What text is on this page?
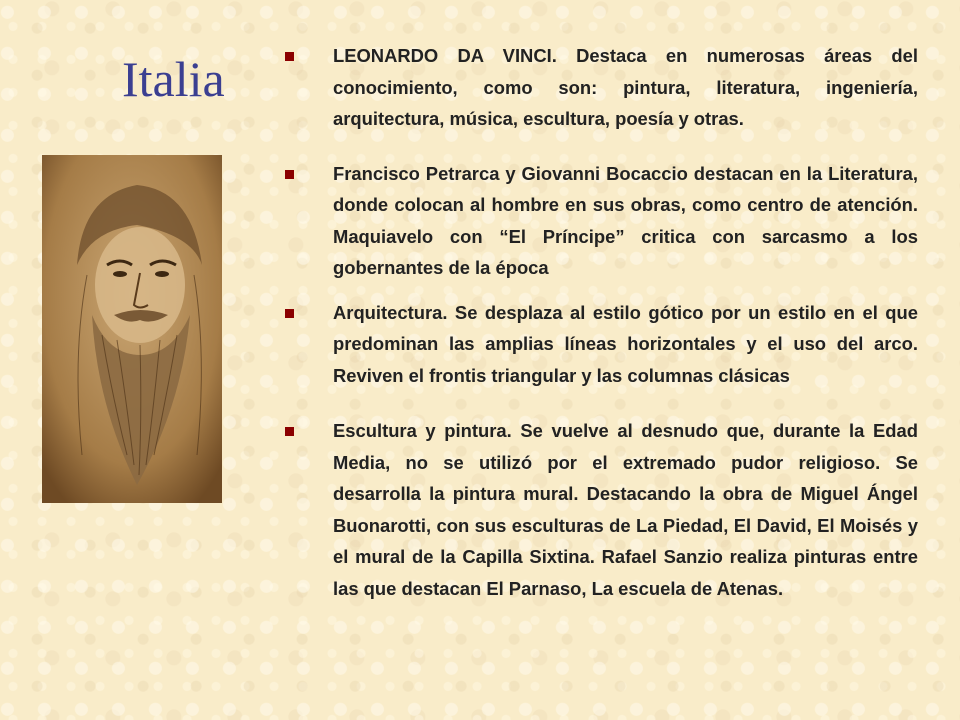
Italia	LEONARDO DA VINCI. Destaca en numerosas áreas del conocimiento, como son: pintura, literatura, ingeniería, arquitectura, música, escultura, poesía y otras.
Francisco Petrarca y Giovanni Bocaccio destacan en la Literatura, donde colocan al hombre en sus obras, como centro de atención. Maquiavelo con “El Príncipe” critica con sarcasmo a los gobernantes de la época
Arquitectura. Se desplaza al estilo gótico por un estilo en el que predominan las amplias líneas horizontales y el uso del arco. Reviven el frontis triangular y las columnas clásicas
Escultura y pintura. Se vuelve al desnudo que, durante la Edad Media, no se utilizó por el extremado pudor religioso. Se desarrolla la pintura mural. Destacando la obra de Miguel Ángel Buonarotti, con sus esculturas de La Piedad, El David, El Moisés y el mural de la Capilla Sixtina. Rafael Sanzio realiza pinturas entre las que destacan El Parnaso, La escuela de Atenas.
